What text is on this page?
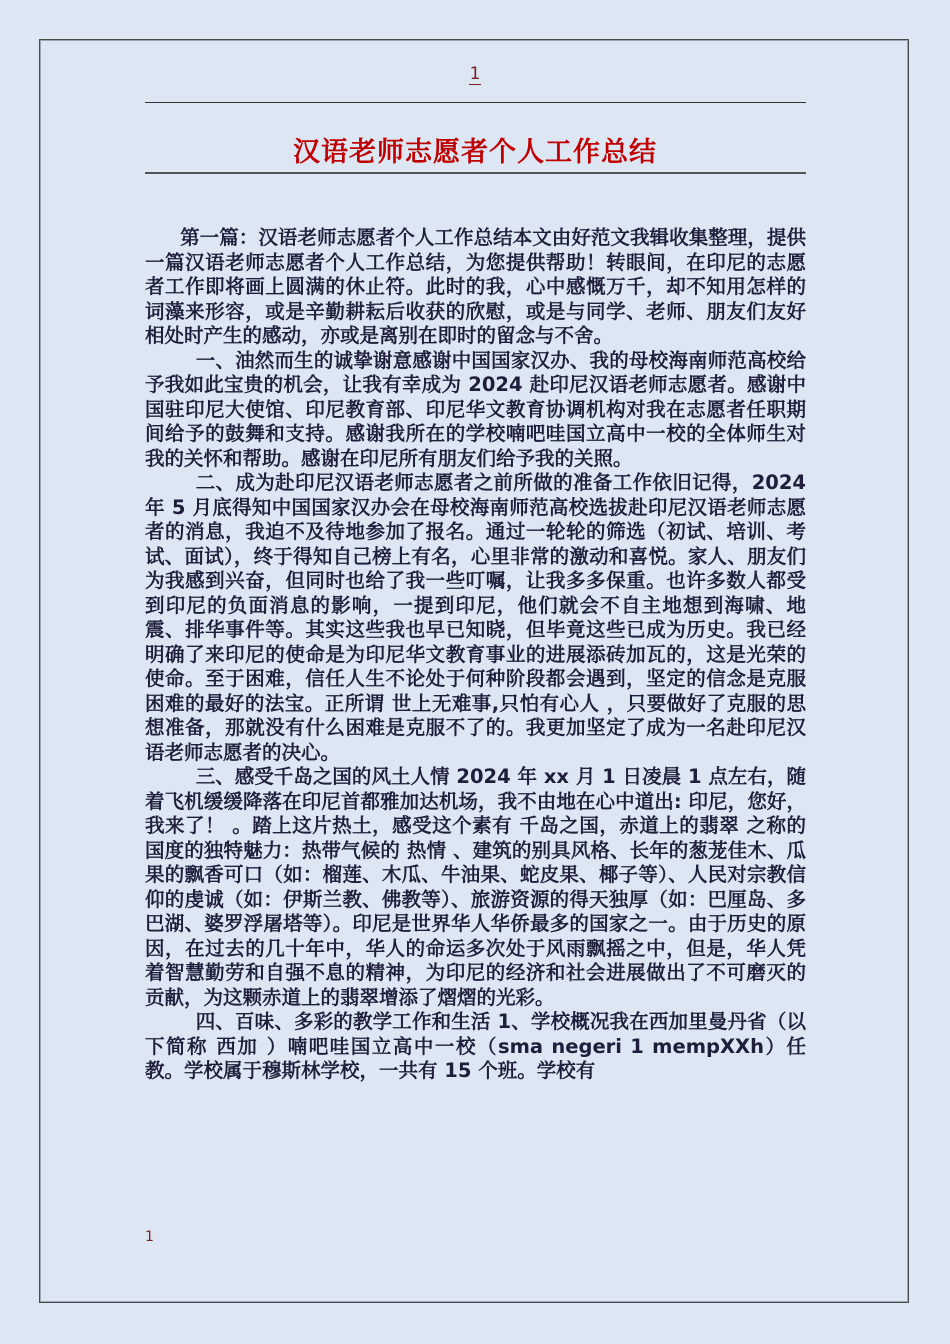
1
汉语老师志愿者个人工作总结

第一篇：汉语老师志愿者个人工作总结本文由好范文我辑收集整理，提供一篇汉语老师志愿者个人工作总结，为您提供帮助！转眼间，在印尼的志愿者工作即将画上圆满的休止符。此时的我，心中感慨万千，却不知用怎样的词藻来形容，或是辛勤耕耘后收获的欣慰，或是与同学、老师、朋友们友好相处时产生的感动，亦或是离别在即时的留念与不舍。

一、油然而生的诚挚谢意感谢中国国家汉办、我的母校海南师范高校给予我如此宝贵的机会，让我有幸成为 2024 赴印尼汉语老师志愿者。感谢中国驻印尼大使馆、印尼教育部、印尼华文教育协调机构对我在志愿者任职期间给予的鼓舞和支持。感谢我所在的学校喃吧哇国立高中一校的全体师生对我的关怀和帮助。感谢在印尼所有朋友们给予我的关照。

二、成为赴印尼汉语老师志愿者之前所做的准备工作依旧记得，2024 年 5 月底得知中国国家汉办会在母校海南师范高校选拔赴印尼汉语老师志愿者的消息，我迫不及待地参加了报名。通过一轮轮的筛选（初试、培训、考试、面试），终于得知自己榜上有名，心里非常的激动和喜悦。家人、朋友们为我感到兴奋，但同时也给了我一些叮嘱，让我多多保重。也许多数人都受到印尼的负面消息的影响，一提到印尼，他们就会不自主地想到海啸、地震、排华事件等。其实这些我也早已知晓，但毕竟这些已成为历史。我已经明确了来印尼的使命是为印尼华文教育事业的进展添砖加瓦的，这是光荣的使命。至于困难，信任人生不论处于何种阶段都会遇到，坚定的信念是克服困难的最好的法宝。正所谓 世上无难事,只怕有心人 ，只要做好了克服的思想准备，那就没有什么困难是克服不了的。我更加坚定了成为一名赴印尼汉语老师志愿者的决心。

三、感受千岛之国的风土人情 2024 年 xx 月 1 日凌晨 1 点左右，随着飞机缓缓降落在印尼首都雅加达机场，我不由地在心中道出: 印尼，您好，我来了！ 。踏上这片热土，感受这个素有 千岛之国，赤道上的翡翠 之称的国度的独特魅力：热带气候的 热情 、建筑的别具风格、长年的葱茏佳木、瓜果的飘香可口（如：榴莲、木瓜、牛油果、蛇皮果、椰子等）、人民对宗教信仰的虔诚（如：伊斯兰教、佛教等）、旅游资源的得天独厚（如：巴厘岛、多巴湖、婆罗浮屠塔等）。印尼是世界华人华侨最多的国家之一。由于历史的原因，在过去的几十年中，华人的命运多次处于风雨飘摇之中，但是，华人凭着智慧勤劳和自强不息的精神，为印尼的经济和社会进展做出了不可磨灭的贡献，为这颗赤道上的翡翠增添了熠熠的光彩。

四、百味、多彩的教学工作和生活 1、学校概况我在西加里曼丹省（以下简称 西加 ）喃吧哇国立高中一校（sma negeri 1 mempXXh）任教。学校属于穆斯林学校，一共有 15 个班。学校有

1
